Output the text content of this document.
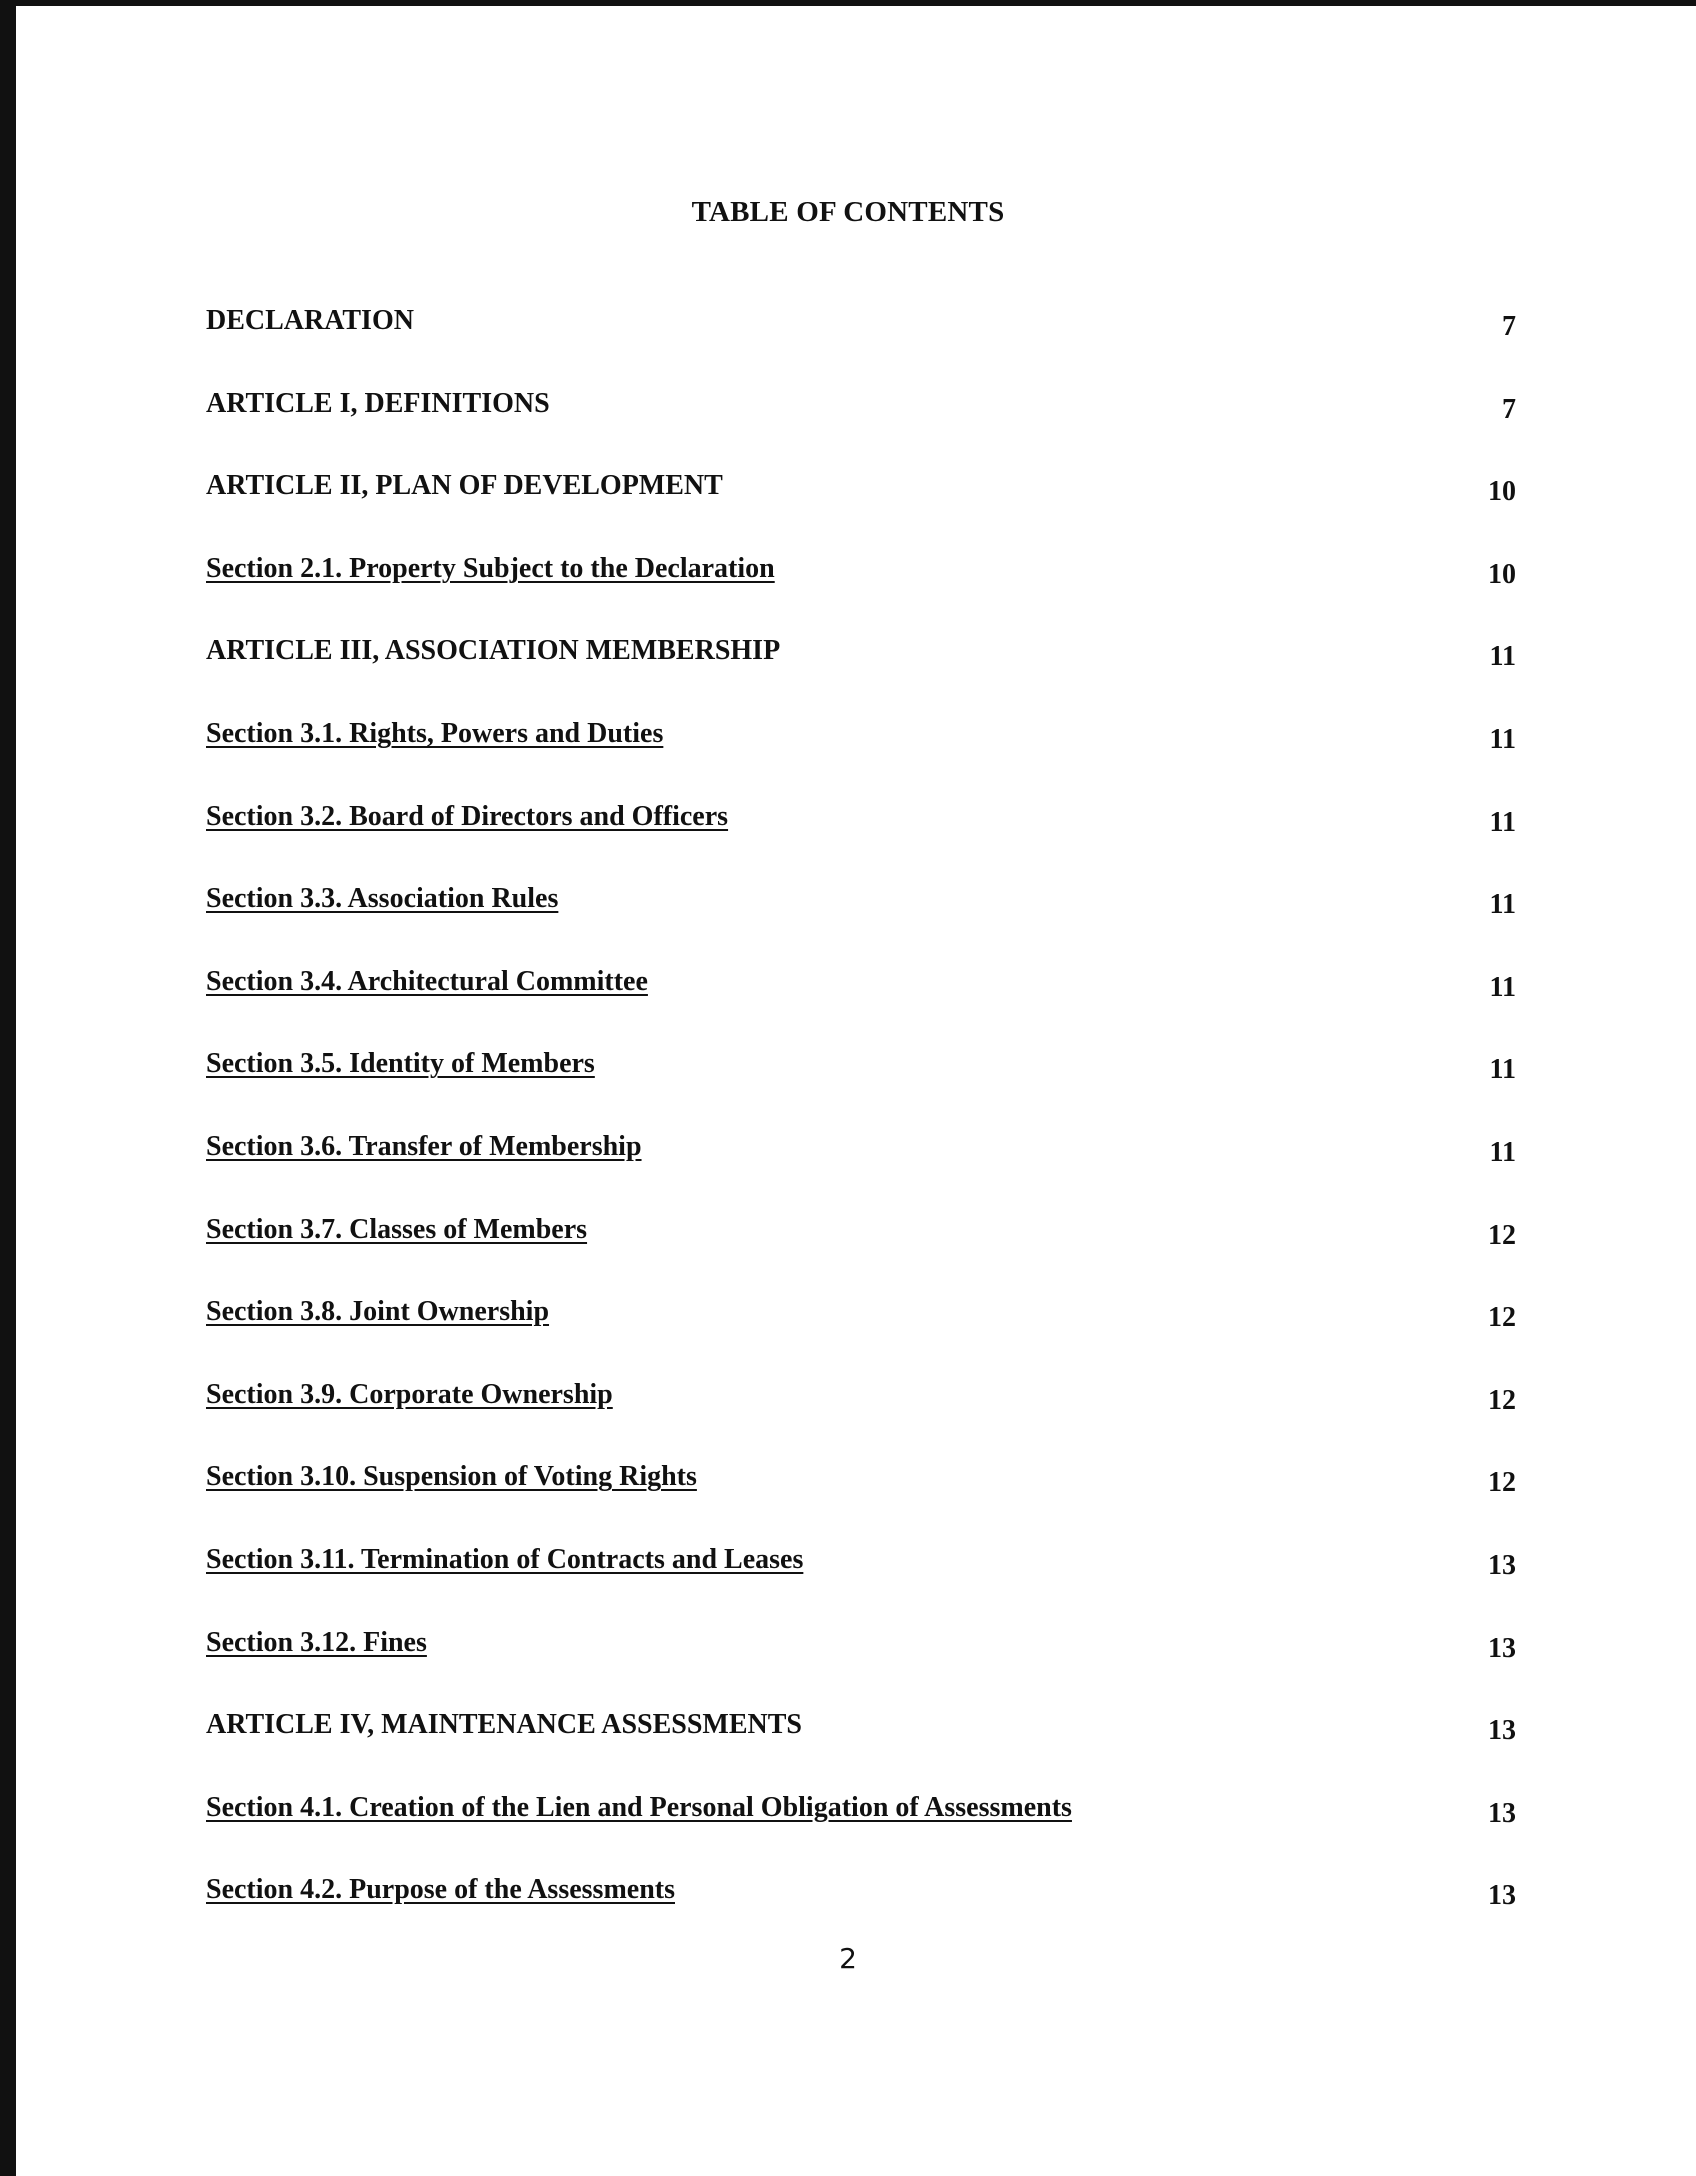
TABLE OF CONTENTS
DECLARATION	7
ARTICLE I, DEFINITIONS	7
ARTICLE II, PLAN OF DEVELOPMENT	10
Section 2.1. Property Subject to the Declaration	10
ARTICLE III, ASSOCIATION MEMBERSHIP	11
Section 3.1. Rights, Powers and Duties	11
Section 3.2. Board of Directors and Officers	11
Section 3.3. Association Rules	11
Section 3.4. Architectural Committee	11
Section 3.5. Identity of Members	11
Section 3.6. Transfer of Membership	11
Section 3.7. Classes of Members	12
Section 3.8. Joint Ownership	12
Section 3.9. Corporate Ownership	12
Section 3.10. Suspension of Voting Rights	12
Section 3.11. Termination of Contracts and Leases	13
Section 3.12. Fines	13
ARTICLE IV, MAINTENANCE ASSESSMENTS	13
Section 4.1. Creation of the Lien and Personal Obligation of Assessments	13
Section 4.2. Purpose of the Assessments	13
2
